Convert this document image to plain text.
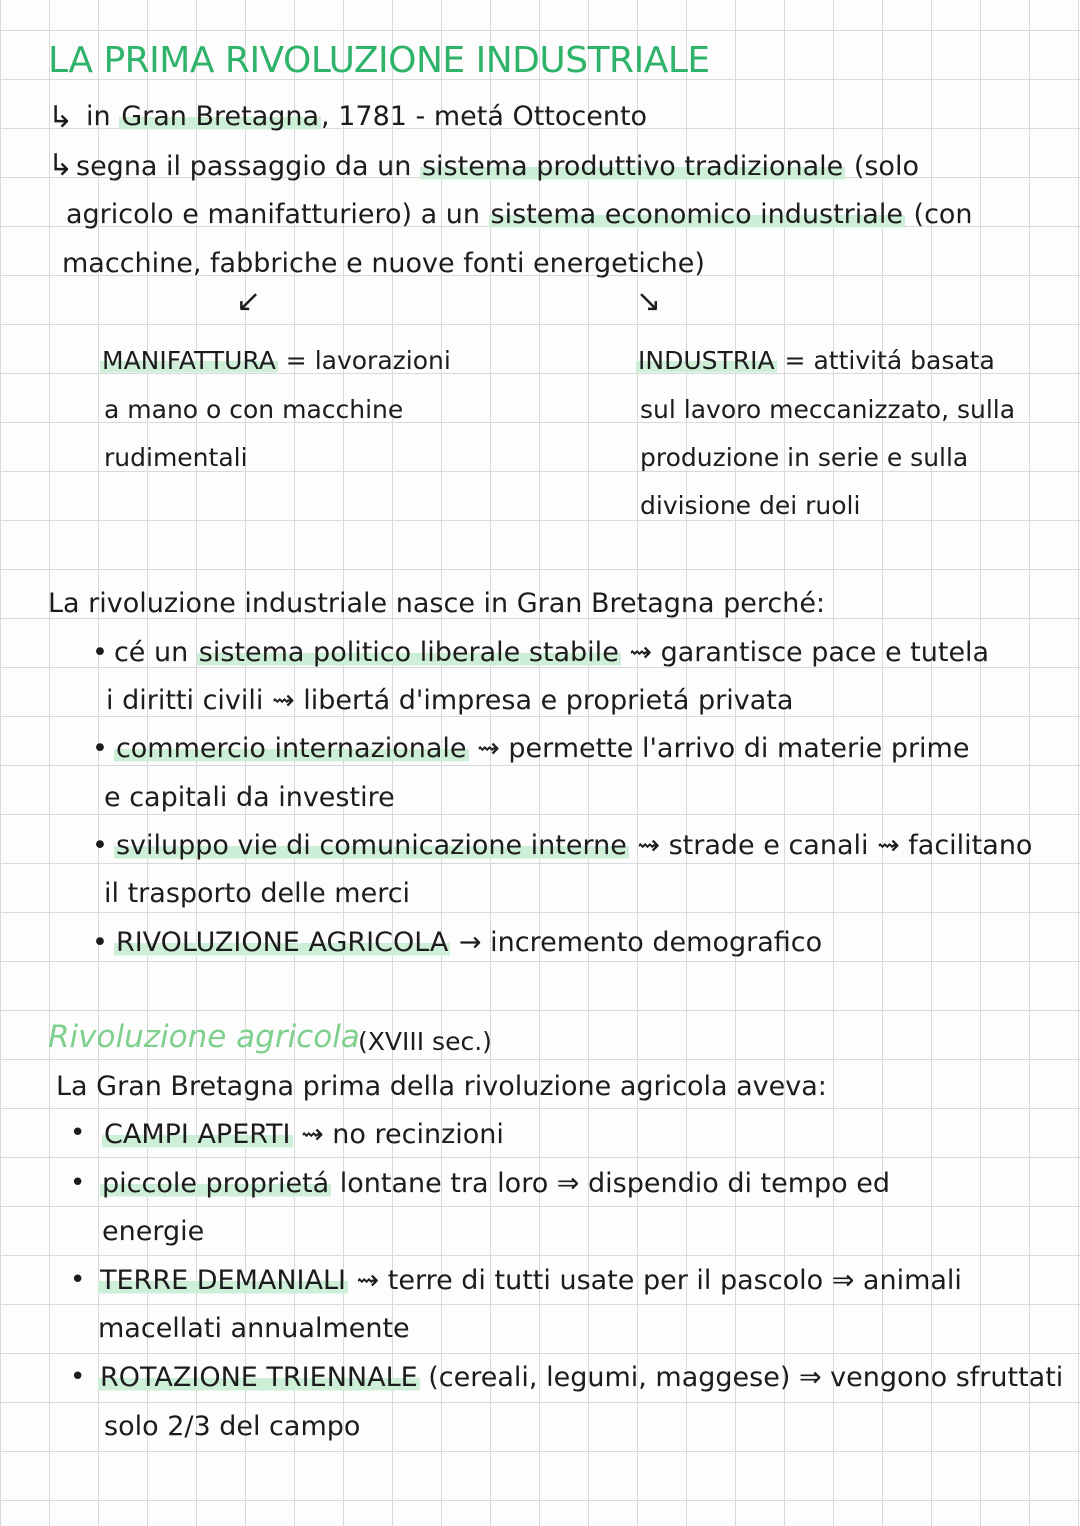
LA PRIMA RIVOLUZIONE INDUSTRIALE
↳ in Gran Bretagna, 1781 - metá Ottocento
↳ segna il passaggio da un sistema produttivo tradizionale (solo
agricolo e manifatturiero) a un sistema economico industriale (con
macchine, fabbriche e nuove fonti energetiche)
↙	↘
MANIFATTURA = lavorazioni
a mano o con macchine
rudimentali
INDUSTRIA = attivitá basata
sul lavoro meccanizzato, sulla
produzione in serie e sulla
divisione dei ruoli
La rivoluzione industriale nasce in Gran Bretagna perché:
• cé un sistema politico liberale stabile ⇝ garantisce pace e tutela
i diritti civili ⇝ libertá d'impresa e proprietá privata
• commercio internazionale ⇝ permette l'arrivo di materie prime
e capitali da investire
• sviluppo vie di comunicazione interne ⇝ strade e canali ⇝ facilitano
il trasporto delle merci
• RIVOLUZIONE AGRICOLA → incremento demografico
Rivoluzione agricola
(XVIII sec.)
La Gran Bretagna prima della rivoluzione agricola aveva:
• CAMPI APERTI ⇝ no recinzioni
• piccole proprietá lontane tra loro ⇒ dispendio di tempo ed
energie
• TERRE DEMANIALI ⇝ terre di tutti usate per il pascolo ⇒ animali
macellati annualmente
• ROTAZIONE TRIENNALE (cereali, legumi, maggese) ⇒ vengono sfruttati
solo 2/3 del campo
